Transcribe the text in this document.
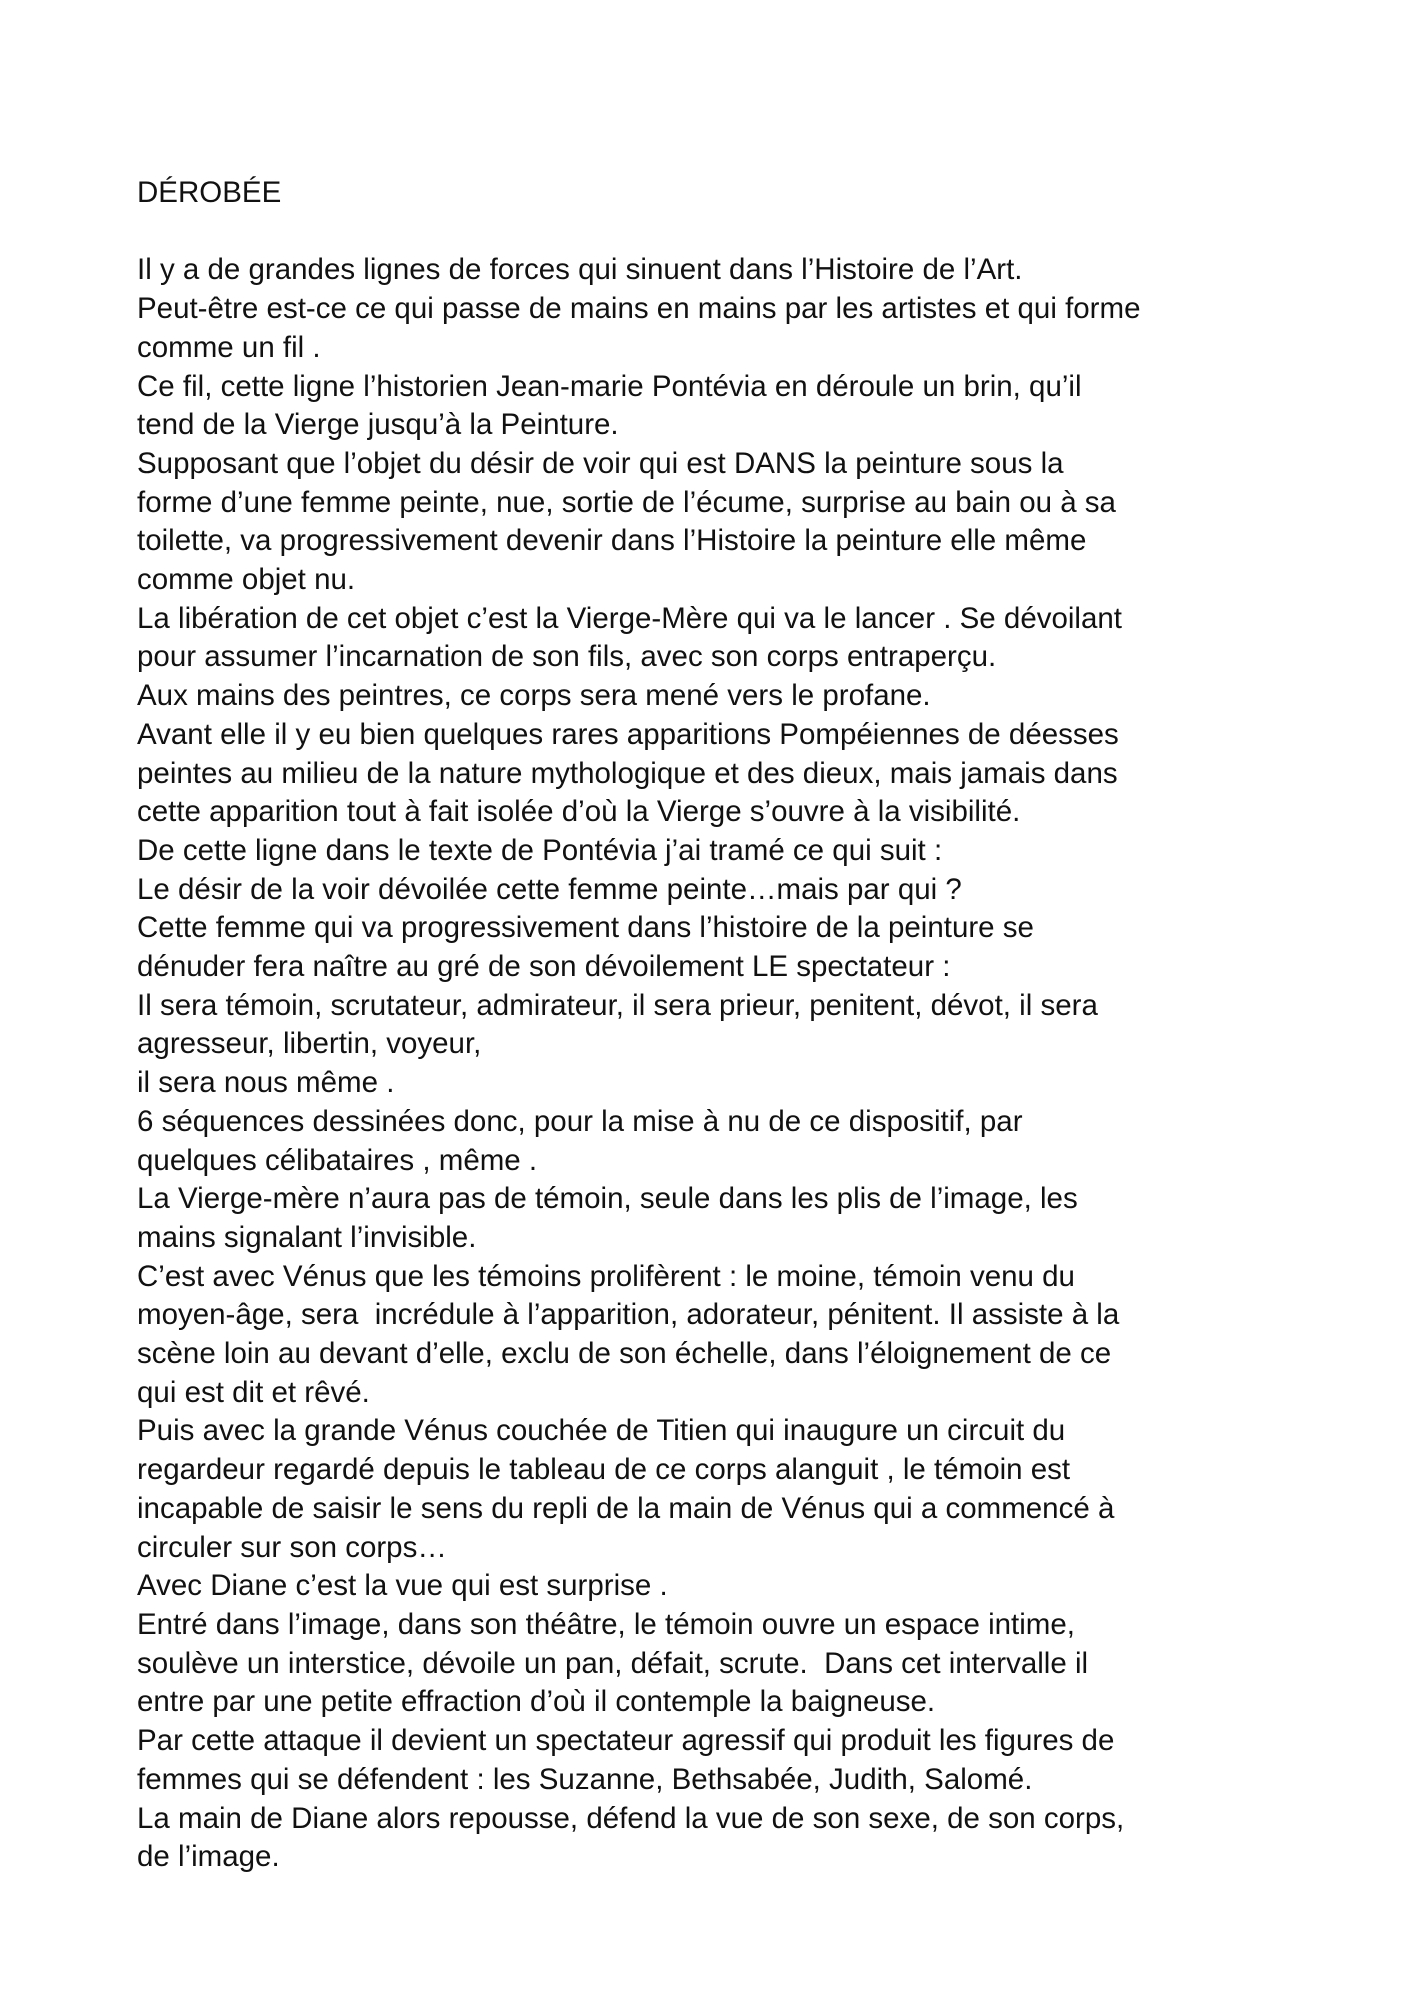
DÉROBÉE

Il y a de grandes lignes de forces qui sinuent dans l’Histoire de l’Art.

Peut-être est-ce ce qui passe de mains en mains par les artistes et qui forme

comme un fil .

Ce fil, cette ligne l’historien Jean-marie Pontévia en déroule un brin, qu’il

tend de la Vierge jusqu’à la Peinture.

Supposant que l’objet du désir de voir qui est DANS la peinture sous la

forme d’une femme peinte, nue, sortie de l’écume, surprise au bain ou à sa

toilette, va progressivement devenir dans l’Histoire la peinture elle même

comme objet nu.

La libération de cet objet c’est la Vierge-Mère qui va le lancer . Se dévoilant

pour assumer l’incarnation de son fils, avec son corps entraperçu.

Aux mains des peintres, ce corps sera mené vers le profane.

Avant elle il y eu bien quelques rares apparitions Pompéiennes de déesses

peintes au milieu de la nature mythologique et des dieux, mais jamais dans

cette apparition tout à fait isolée d’où la Vierge s’ouvre à la visibilité.

De cette ligne dans le texte de Pontévia j’ai tramé ce qui suit :

Le désir de la voir dévoilée cette femme peinte…mais par qui ?

Cette femme qui va progressivement dans l’histoire de la peinture se

dénuder fera naître au gré de son dévoilement LE spectateur :

Il sera témoin, scrutateur, admirateur, il sera prieur, penitent, dévot, il sera

agresseur, libertin, voyeur,

il sera nous même .

6 séquences dessinées donc, pour la mise à nu de ce dispositif, par

quelques célibataires , même .

La Vierge-mère n’aura pas de témoin, seule dans les plis de l’image, les

mains signalant l’invisible.

C’est avec Vénus que les témoins prolifèrent : le moine, témoin venu du

moyen-âge, sera  incrédule à l’apparition, adorateur, pénitent. Il assiste à la

scène loin au devant d’elle, exclu de son échelle, dans l’éloignement de ce

qui est dit et rêvé.

Puis avec la grande Vénus couchée de Titien qui inaugure un circuit du

regardeur regardé depuis le tableau de ce corps alanguit , le témoin est

incapable de saisir le sens du repli de la main de Vénus qui a commencé à

circuler sur son corps…

Avec Diane c’est la vue qui est surprise .

Entré dans l’image, dans son théâtre, le témoin ouvre un espace intime,

soulève un interstice, dévoile un pan, défait, scrute.  Dans cet intervalle il

entre par une petite effraction d’où il contemple la baigneuse.

Par cette attaque il devient un spectateur agressif qui produit les figures de

femmes qui se défendent : les Suzanne, Bethsabée, Judith, Salomé.

La main de Diane alors repousse, défend la vue de son sexe, de son corps,

de l’image.
